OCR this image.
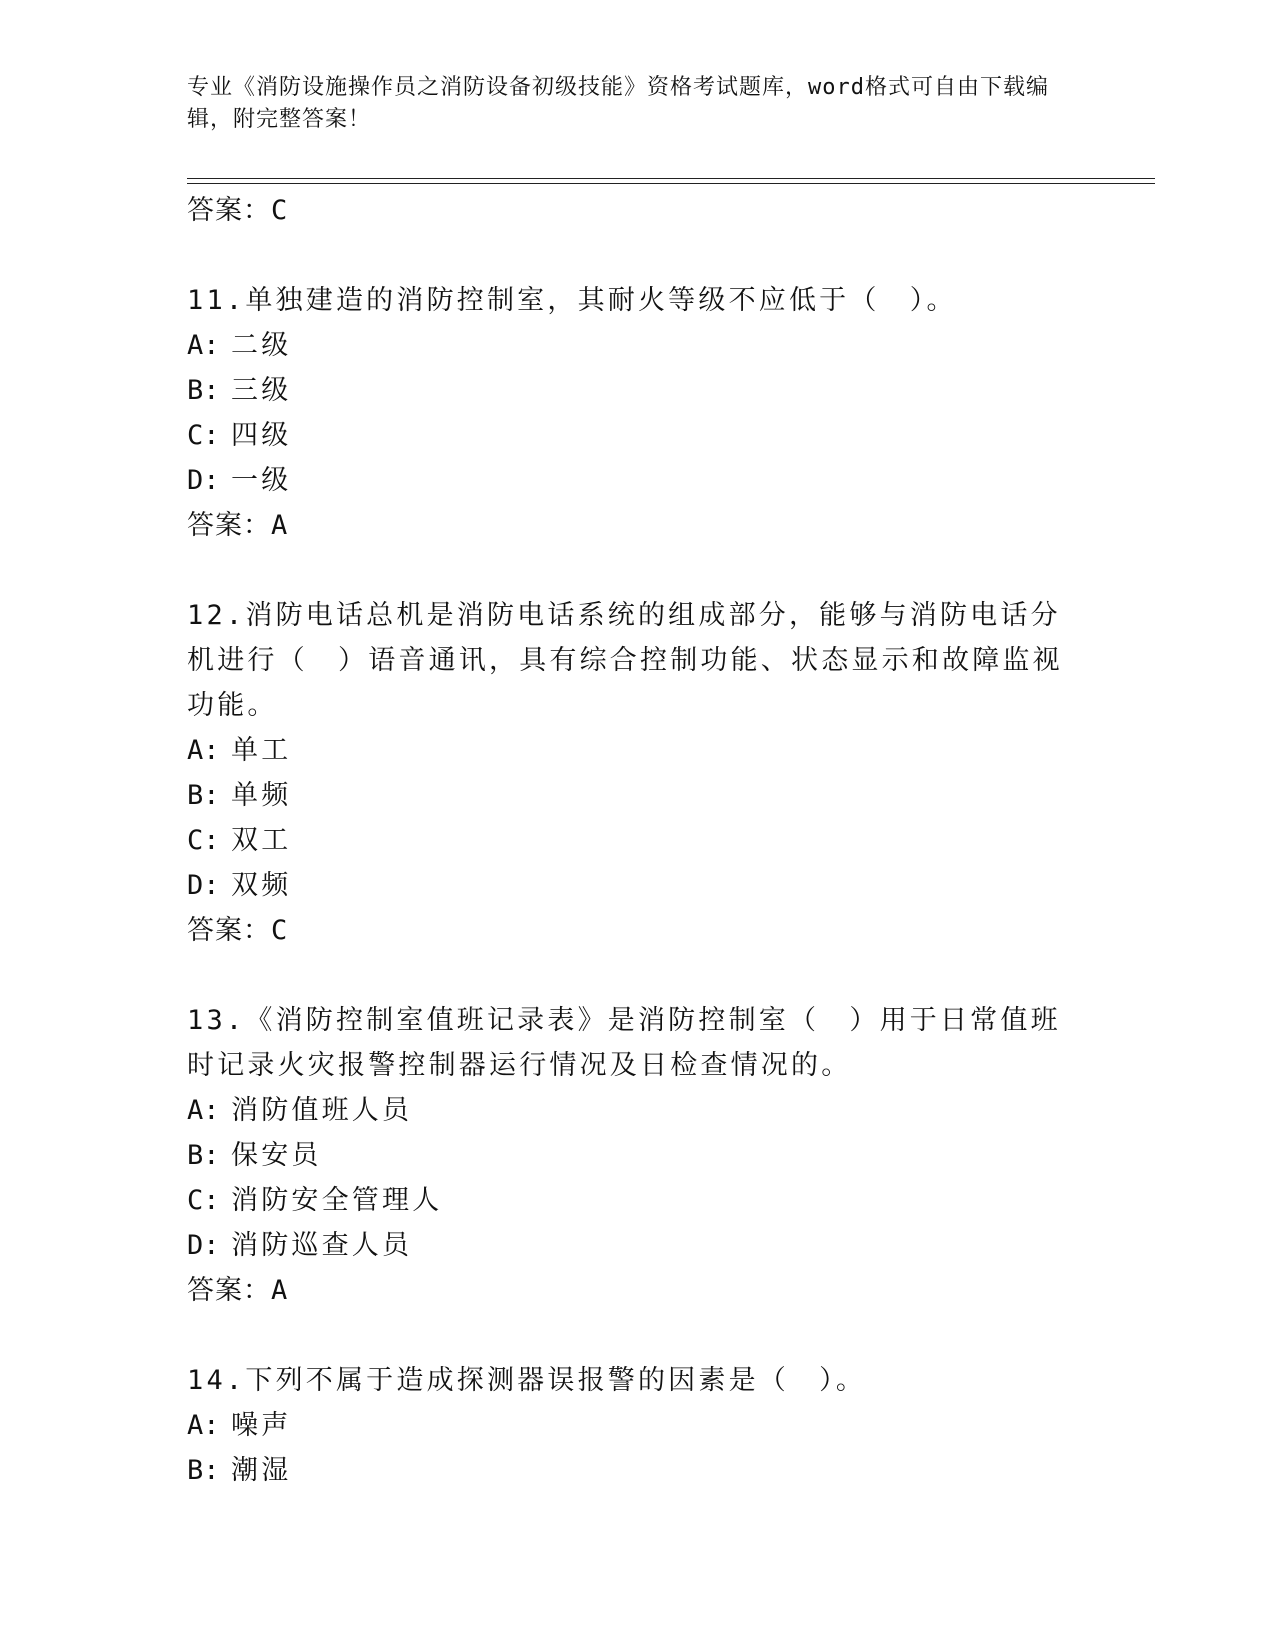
专业《消防设施操作员之消防设备初级技能》资格考试题库，word格式可自由下载编辑，附完整答案！
答案：C
11.单独建造的消防控制室，其耐火等级不应低于（　）。
A: 二级
B: 三级
C: 四级
D: 一级
答案：A
12.消防电话总机是消防电话系统的组成部分，能够与消防电话分机进行（　）语音通讯，具有综合控制功能、状态显示和故障监视功能。
A: 单工
B: 单频
C: 双工
D: 双频
答案：C
13.《消防控制室值班记录表》是消防控制室（　）用于日常值班时记录火灾报警控制器运行情况及日检查情况的。
A: 消防值班人员
B: 保安员
C: 消防安全管理人
D: 消防巡查人员
答案：A
14.下列不属于造成探测器误报警的因素是（　）。
A: 噪声
B: 潮湿
